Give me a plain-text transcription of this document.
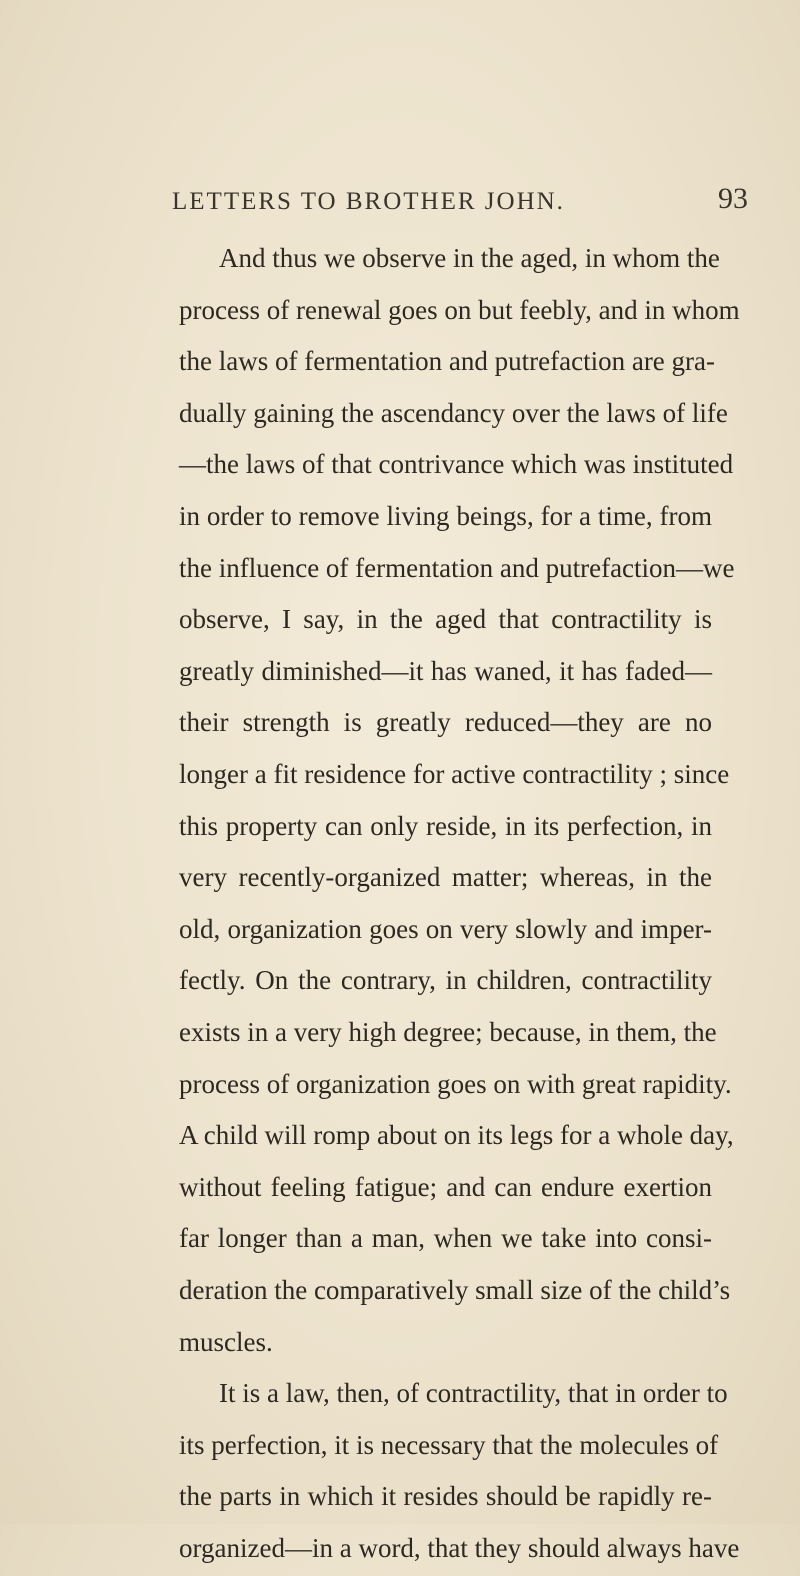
LETTERS TO BROTHER JOHN.	93
And thus we observe in the aged, in whom the
process of renewal goes on but feebly, and in whom
the laws of fermentation and putrefaction are gra-
dually gaining the ascendancy over the laws of life
—the laws of that contrivance which was instituted
in order to remove living beings, for a time, from
the influence of fermentation and putrefaction—we
observe, I say, in the aged that contractility is
greatly diminished—it has waned, it has faded—
their strength is greatly reduced—they are no
longer a fit residence for active contractility ; since
this property can only reside, in its perfection, in
very recently-organized matter; whereas, in the
old, organization goes on very slowly and imper-
fectly. On the contrary, in children, contractility
exists in a very high degree; because, in them, the
process of organization goes on with great rapidity.
A child will romp about on its legs for a whole day,
without feeling fatigue; and can endure exertion
far longer than a man, when we take into consi-
deration the comparatively small size of the child’s
muscles.
It is a law, then, of contractility, that in order to
its perfection, it is necessary that the molecules of
the parts in which it resides should be rapidly re-
organized—in a word, that they should always have
